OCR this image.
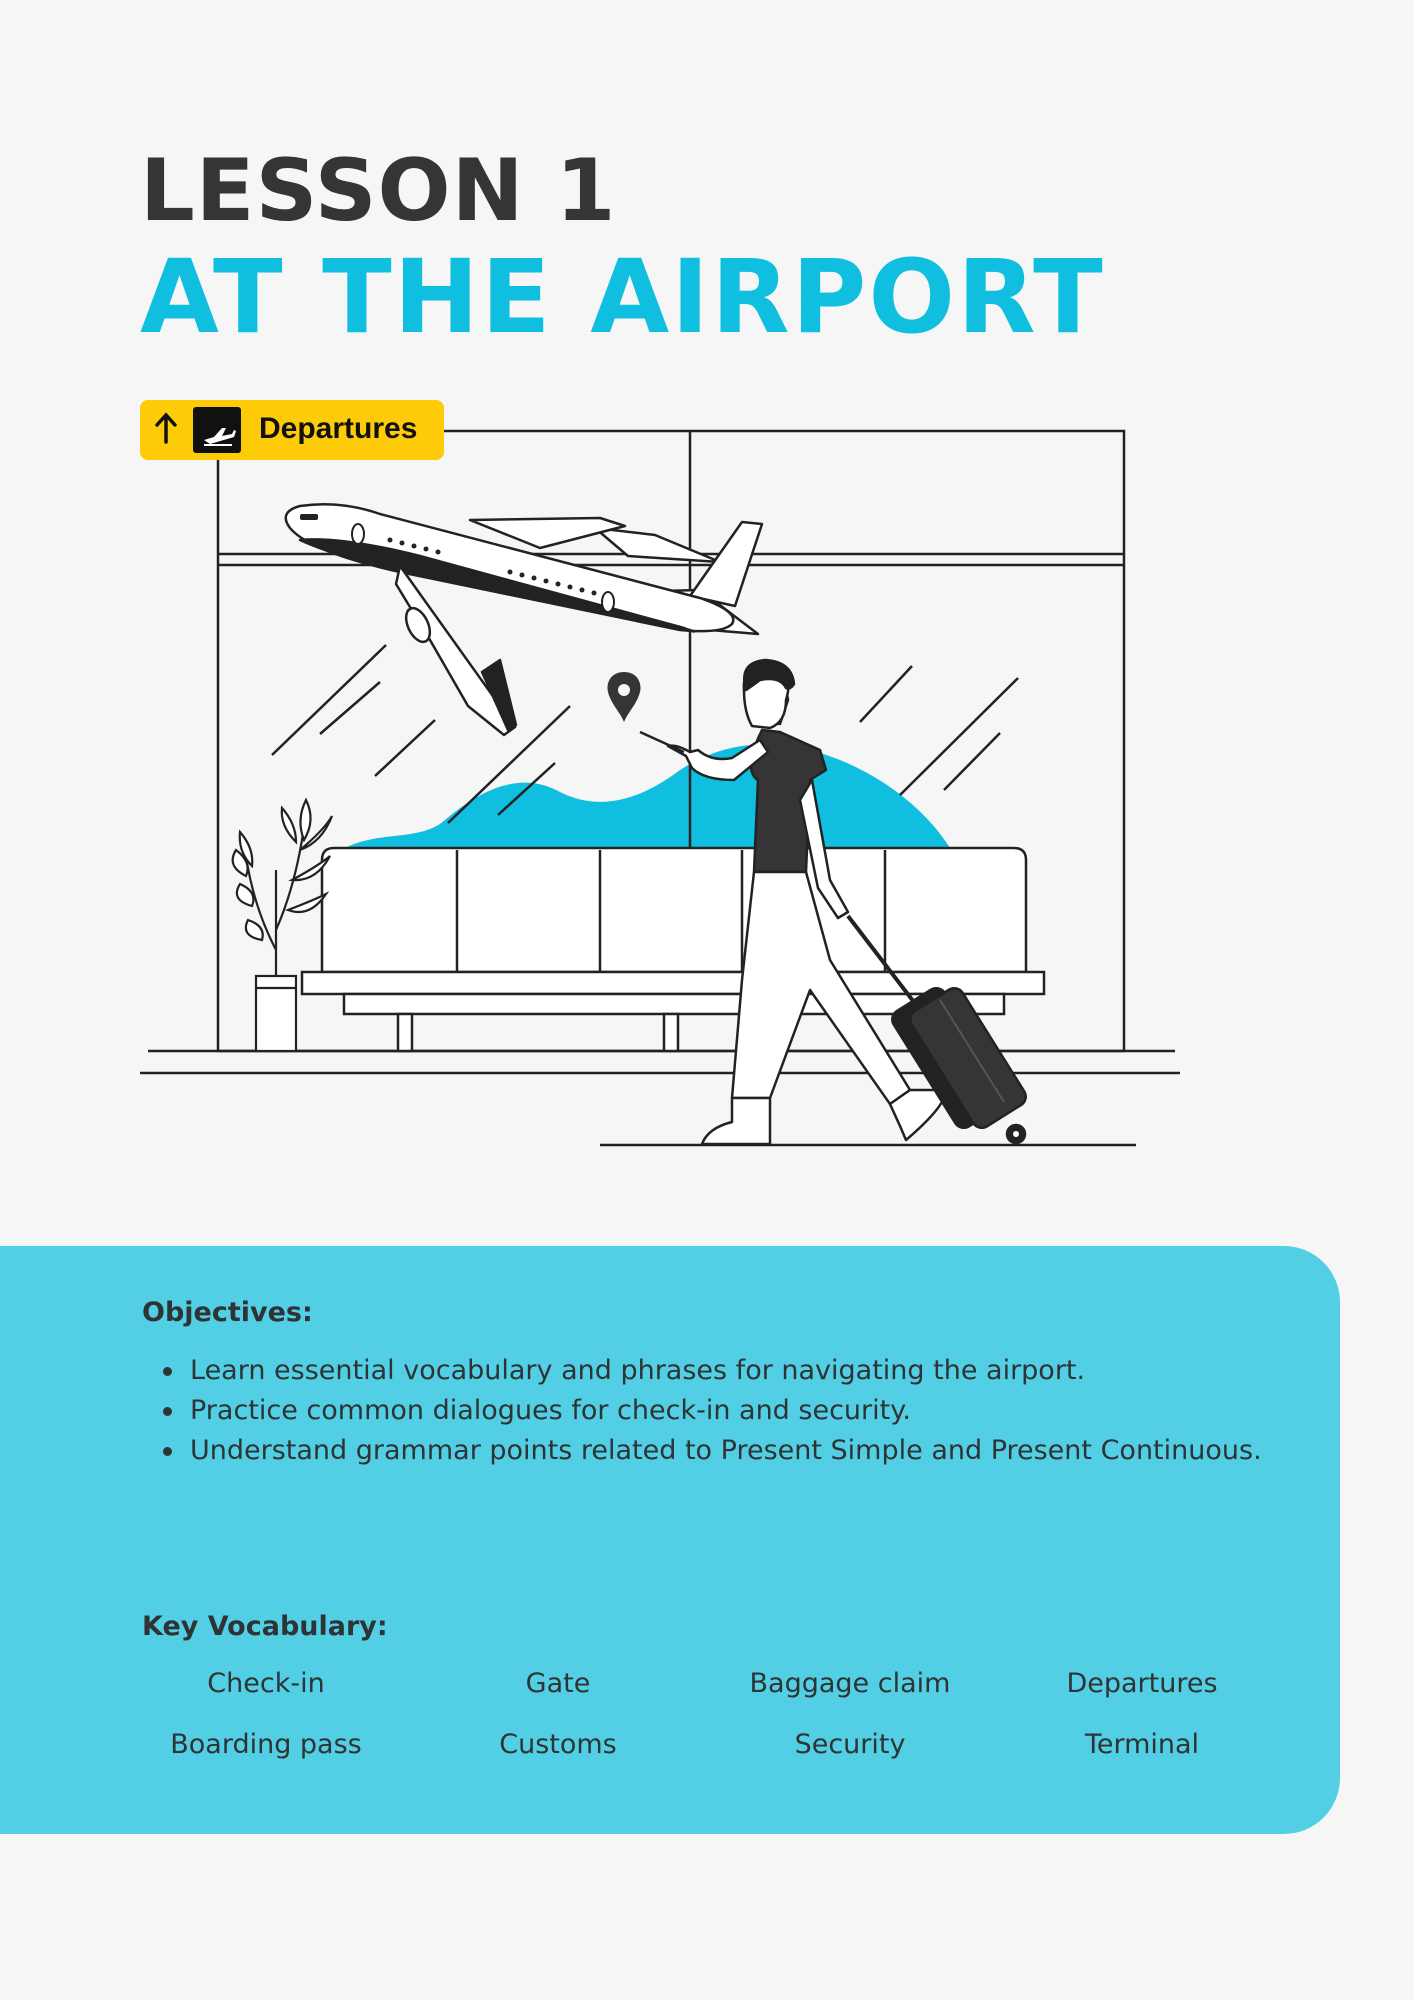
LESSON 1
AT THE AIRPORT
Departures
Objectives:
Learn essential vocabulary and phrases for navigating the airport.
Practice common dialogues for check-in and security.
Understand grammar points related to Present Simple and Present Continuous.
Key Vocabulary:
Check-in	Gate	Baggage claim	Departures
Boarding pass	Customs	Security	Terminal
